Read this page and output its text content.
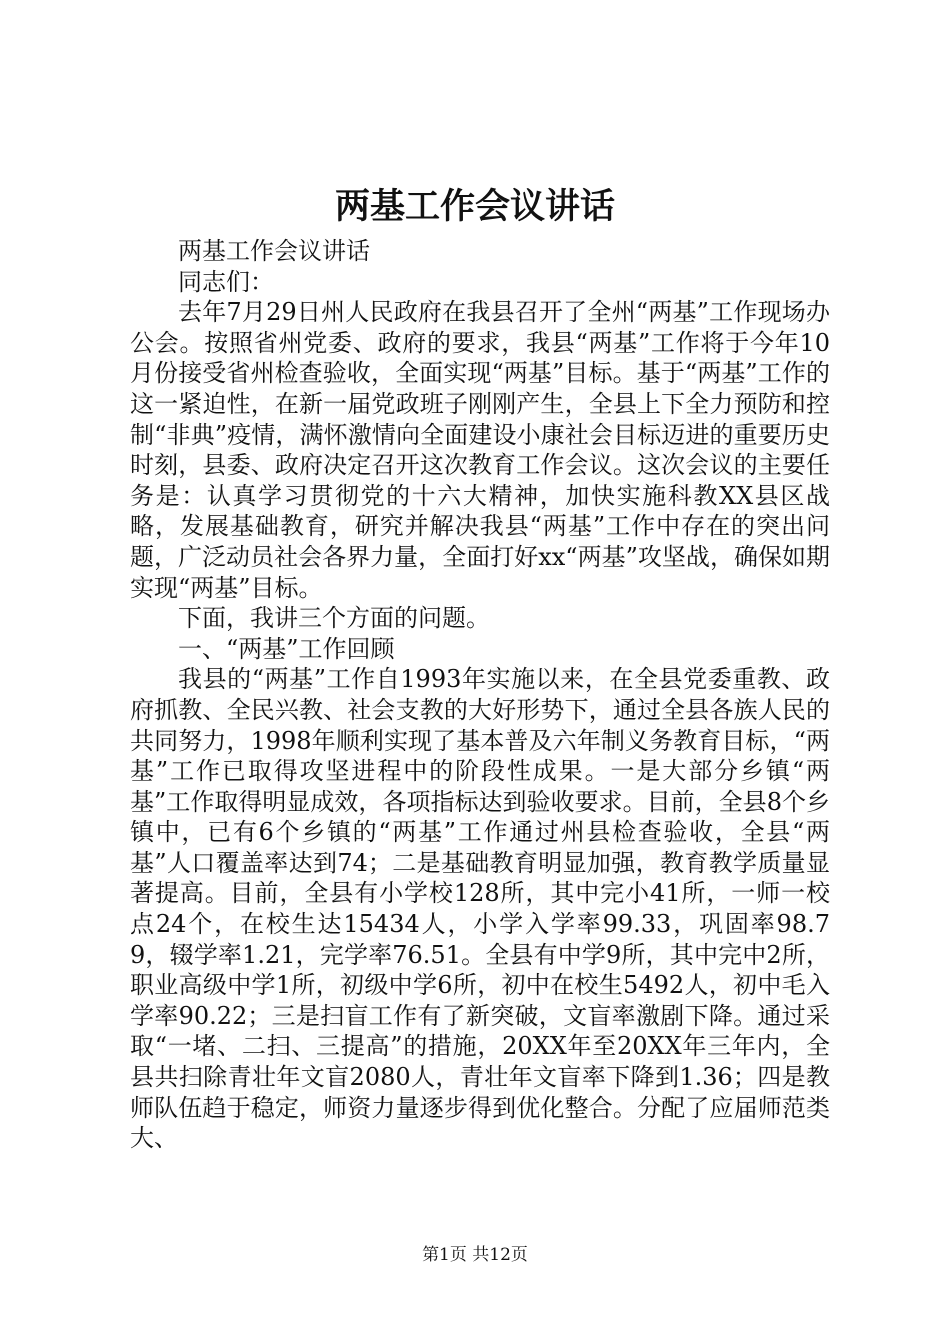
两基工作会议讲话

两基工作会议讲话

同志们：

去年7月29日州人民政府在我县召开了全州“两基”工作现场办公会。按照省州党委、政府的要求，我县“两基”工作将于今年10月份接受省州检查验收，全面实现“两基”目标。基于“两基”工作的这一紧迫性，在新一届党政班子刚刚产生，全县上下全力预防和控制“非典”疫情，满怀激情向全面建设小康社会目标迈进的重要历史时刻，县委、政府决定召开这次教育工作会议。这次会议的主要任务是：认真学习贯彻党的十六大精神，加快实施科教XX县区战略，发展基础教育，研究并解决我县“两基”工作中存在的突出问题，广泛动员社会各界力量，全面打好xx“两基”攻坚战，确保如期实现“两基”目标。

下面，我讲三个方面的问题。

一、“两基”工作回顾

我县的“两基”工作自1993年实施以来，在全县党委重教、政府抓教、全民兴教、社会支教的大好形势下，通过全县各族人民的共同努力，1998年顺利实现了基本普及六年制义务教育目标，“两基”工作已取得攻坚进程中的阶段性成果。一是大部分乡镇“两基”工作取得明显成效，各项指标达到验收要求。目前，全县8个乡镇中，已有6个乡镇的“两基”工作通过州县检查验收，全县“两基”人口覆盖率达到74；二是基础教育明显加强，教育教学质量显著提高。目前，全县有小学校128所，其中完小41所，一师一校点24个，在校生达15434人，小学入学率99.33，巩固率98.79，辍学率1.21，完学率76.51。全县有中学9所，其中完中2所，职业高级中学1所，初级中学6所，初中在校生5492人，初中毛入学率90.22；三是扫盲工作有了新突破，文盲率激剧下降。通过采取“一堵、二扫、三提高”的措施，20XX年至20XX年三年内，全县共扫除青壮年文盲2080人，青壮年文盲率下降到1.36；四是教师队伍趋于稳定，师资力量逐步得到优化整合。分配了应届师范类大、

第1页 共12页
